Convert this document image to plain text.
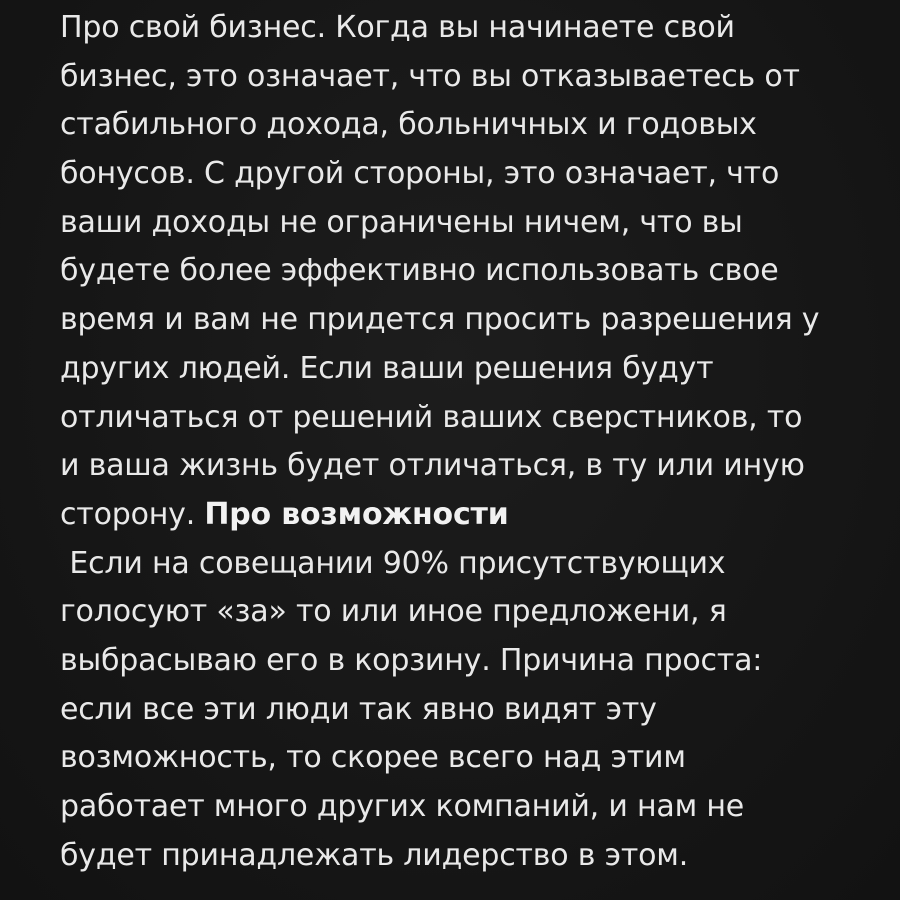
Про свой бизнес. Когда вы начинаете свой
бизнес, это означает, что вы отказываетесь от
стабильного дохода, больничных и годовых
бонусов. С другой стороны, это означает, что
ваши доходы не ограничены ничем, что вы
будете более эффективно использовать свое
время и вам не придется просить разрешения у
других людей. Если ваши решения будут
отличаться от решений ваших сверстников, то
и ваша жизнь будет отличаться, в ту или иную
сторону. Про возможности
Если на совещании 90% присутствующих
голосуют «за» то или иное предложени, я
выбрасываю его в корзину. Причина проста:
если все эти люди так явно видят эту
возможность, то скорее всего над этим
работает много других компаний, и нам не
будет принадлежать лидерство в этом.
